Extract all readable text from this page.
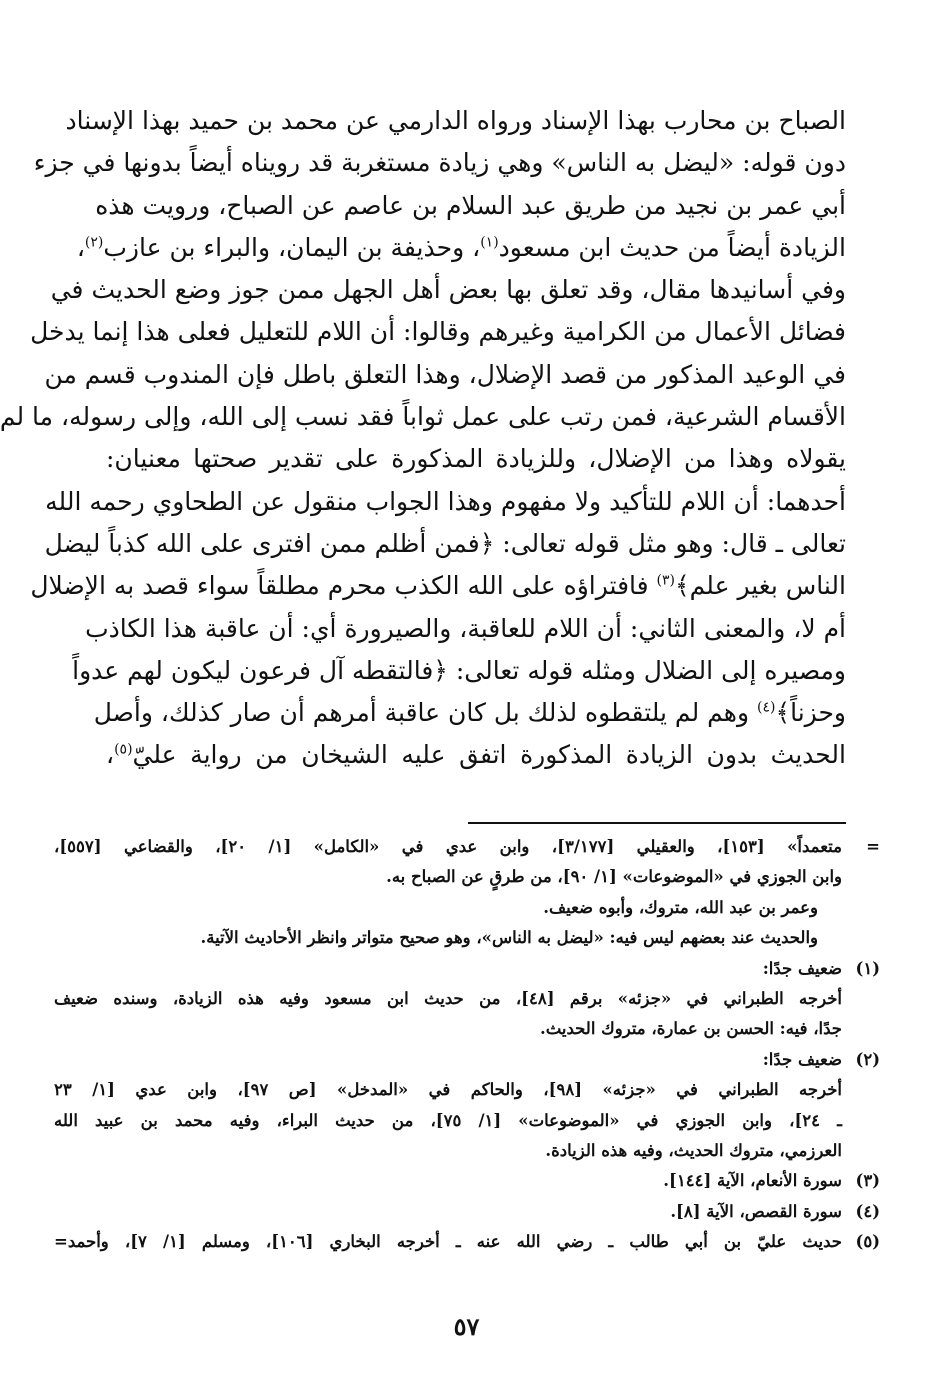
الصباح بن محارب بهذا الإسناد ورواه الدارمي عن محمد بن حميد بهذا الإسناد
دون قوله: «ليضل به الناس» وهي زيادة مستغربة قد رويناه أيضاً بدونها في جزء
أبي عمر بن نجيد من طريق عبد السلام بن عاصم عن الصباح، ورويت هذه
الزيادة أيضاً من حديث ابن مسعود$^{(١)}$، وحذيفة بن اليمان، والبراء بن عازب$^{(٢)}$،
وفي أسانيدها مقال، وقد تعلق بها بعض أهل الجهل ممن جوز وضع الحديث في
فضائل الأعمال من الكرامية وغيرهم وقالوا: أن اللام للتعليل فعلى هذا إنما يدخل
في الوعيد المذكور من قصد الإضلال، وهذا التعلق باطل فإن المندوب قسم من
الأقسام الشرعية، فمن رتب على عمل ثواباً فقد نسب إلى الله، وإلى رسوله، ما لم
يقولاه وهذا من الإضلال، وللزيادة المذكورة على تقدير صحتها معنيان:
أحدهما: أن اللام للتأكيد ولا مفهوم وهذا الجواب منقول عن الطحاوي رحمه الله
تعالى ـ قال: وهو مثل قوله تعالى: ﴿فمن أظلم ممن افترى على الله كذباً ليضل
الناس بغير علم﴾$^{(٣)}$ فافتراؤه على الله الكذب محرم مطلقاً سواء قصد به الإضلال
أم لا، والمعنى الثاني: أن اللام للعاقبة، والصيرورة أي: أن عاقبة هذا الكاذب
ومصيره إلى الضلال ومثله قوله تعالى: ﴿فالتقطه آل فرعون ليكون لهم عدواً
وحزناً﴾$^{(٤)}$ وهم لم يلتقطوه لذلك بل كان عاقبة أمرهم أن صار كذلك، وأصل
الحديث بدون الزيادة المذكورة اتفق عليه الشيخان من رواية عليّ$^{(٥)}$،
=
متعمداً» [١٥٣]، والعقيلي [٣/١٧٧]، وابن عدي في «الكامل» [١/ ٢٠]، والقضاعي [٥٥٧]،
وابن الجوزي في «الموضوعات» [١/ ٩٠]، من طرقٍ عن الصباح به.
وعمر بن عبد الله، متروك، وأبوه ضعيف.
والحديث عند بعضهم ليس فيه: «ليضل به الناس»، وهو صحيح متواتر وانظر الأحاديث الآتية.
(١)
ضعيف جدًا:
أخرجه الطبراني في «جزئه» برقم [٤٨]، من حديث ابن مسعود وفيه هذه الزيادة، وسنده ضعيف
جدًا، فيه: الحسن بن عمارة، متروك الحديث.
(٢)
ضعيف جدًا:
أخرجه الطبراني في «جزئه» [٩٨]، والحاكم في «المدخل» [ص ٩٧]، وابن عدي [١/ ٢٣
ـ ٢٤]، وابن الجوزي في «الموضوعات» [١/ ٧٥]، من حديث البراء، وفيه محمد بن عبيد الله
العرزمي، متروك الحديث، وفيه هذه الزيادة.
(٣)
سورة الأنعام، الآية [١٤٤].
(٤)
سورة القصص، الآية [٨].
(٥)
حديث عليّ بن أبي طالب ـ رضي الله عنه ـ أخرجه البخاري [١٠٦]، ومسلم [١/ ٧]، وأحمد=
٥٧
